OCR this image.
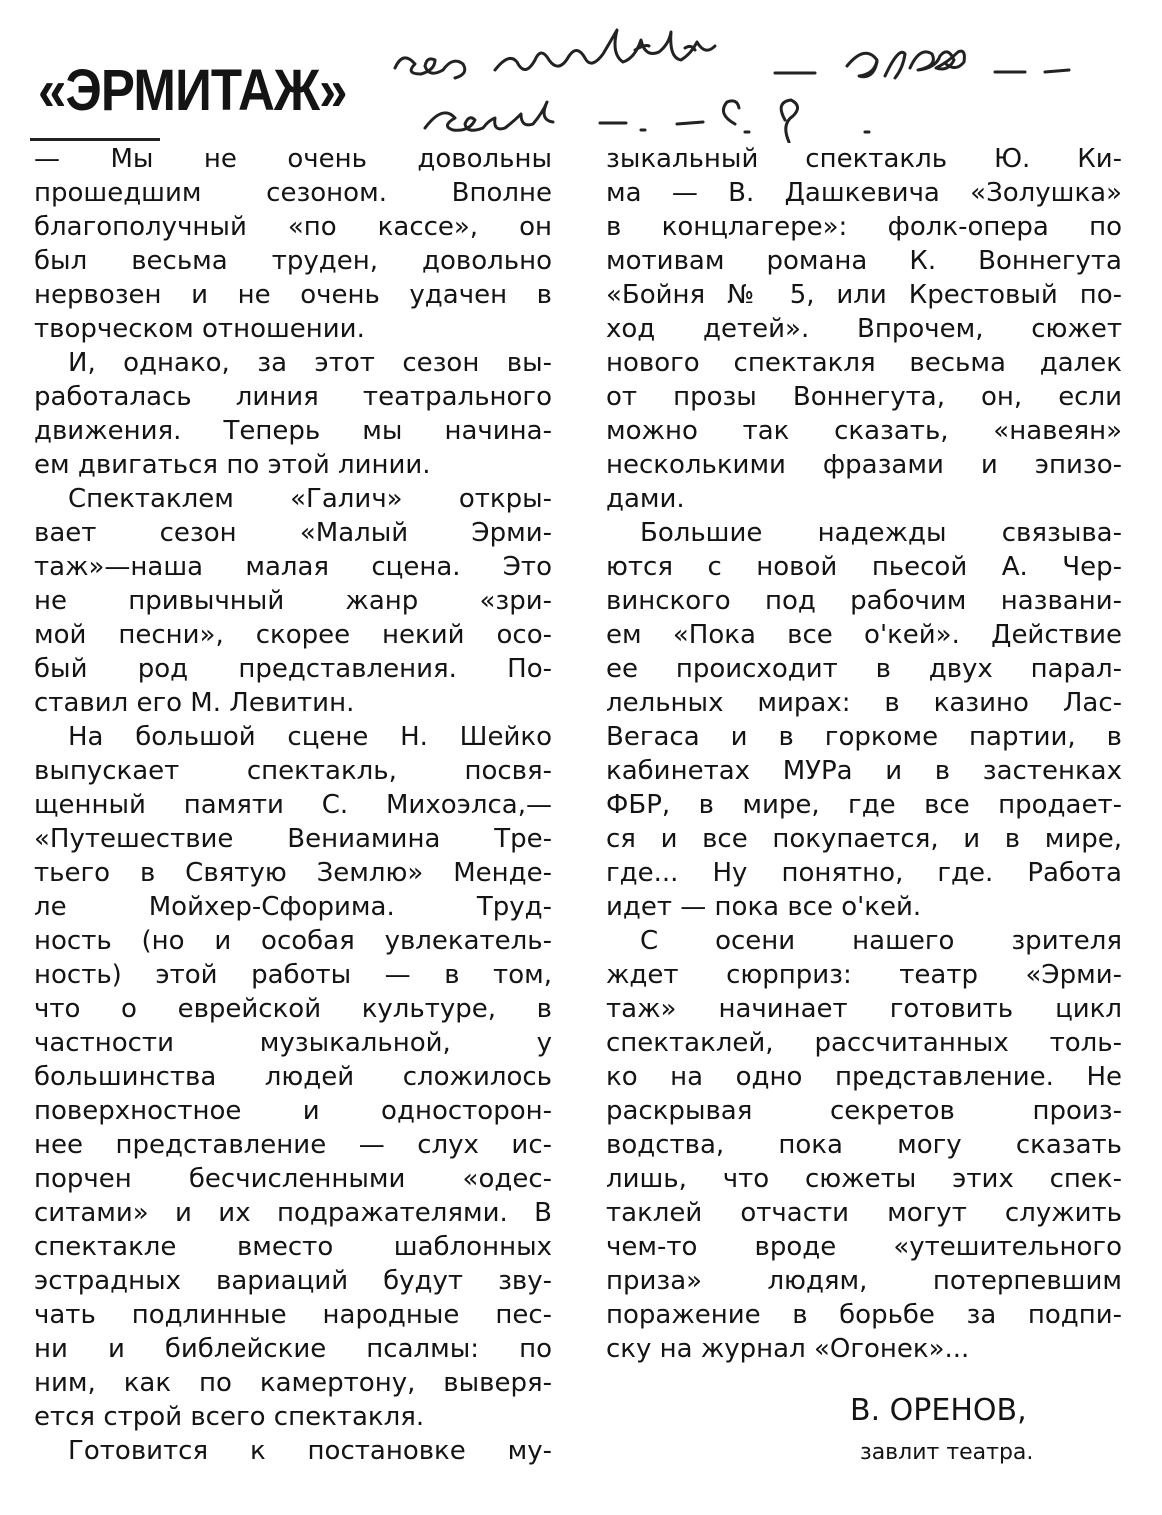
«ЭРМИТАЖ»

— Мы не очень довольны

прошедшим сезоном. Вполне

благополучный «по кассе», он

был весьма труден, довольно

нервозен и не очень удачен в

творческом отношении.

И, однако, за этот сезон вы-

работалась линия театрального

движения. Теперь мы начина-

ем двигаться по этой линии.

Спектаклем «Галич» откры-

вает сезон «Малый Эрми-

таж»—наша малая сцена. Это

не привычный жанр «зри-

мой песни», скорее некий осо-

бый род представления. По-

ставил его М. Левитин.

На большой сцене Н. Шейко

выпускает спектакль, посвя-

щенный памяти С. Михоэлса,—

«Путешествие Вениамина Тре-

тьего в Святую Землю» Менде-

ле Мойхер-Сфорима. Труд-

ность (но и особая увлекатель-

ность) этой работы — в том,

что о еврейской культуре, в

частности музыкальной, у

большинства людей сложилось

поверхностное и односторон-

нее представление — слух ис-

порчен бесчисленными «одес-

ситами» и их подражателями. В

спектакле вместо шаблонных

эстрадных вариаций будут зву-

чать подлинные народные пес-

ни и библейские псалмы: по

ним, как по камертону, выверя-

ется строй всего спектакля.

Готовится к постановке му-

зыкальный спектакль Ю. Ки-

ма — В. Дашкевича «Золушка»

в концлагере»: фолк-опера по

мотивам романа К. Воннегута

«Бойня № 5, или Крестовый по-

ход детей». Впрочем, сюжет

нового спектакля весьма далек

от прозы Воннегута, он, если

можно так сказать, «навеян»

несколькими фразами и эпизо-

дами.

Большие надежды связыва-

ются с новой пьесой А. Чер-

винского под рабочим названи-

ем «Пока все о'кей». Действие

ее происходит в двух парал-

лельных мирах: в казино Лас-

Вегаса и в горкоме партии, в

кабинетах МУРа и в застенках

ФБР, в мире, где все продает-

ся и все покупается, и в мире,

где... Ну понятно, где. Работа

идет — пока все о'кей.

С осени нашего зрителя

ждет сюрприз: театр «Эрми-

таж» начинает готовить цикл

спектаклей, рассчитанных толь-

ко на одно представление. Не

раскрывая секретов произ-

водства, пока могу сказать

лишь, что сюжеты этих спек-

таклей отчасти могут служить

чем-то вроде «утешительного

приза» людям, потерпевшим

поражение в борьбе за подпи-

ску на журнал «Огонек»...

В. ОРЕНОВ,
завлит театра.
